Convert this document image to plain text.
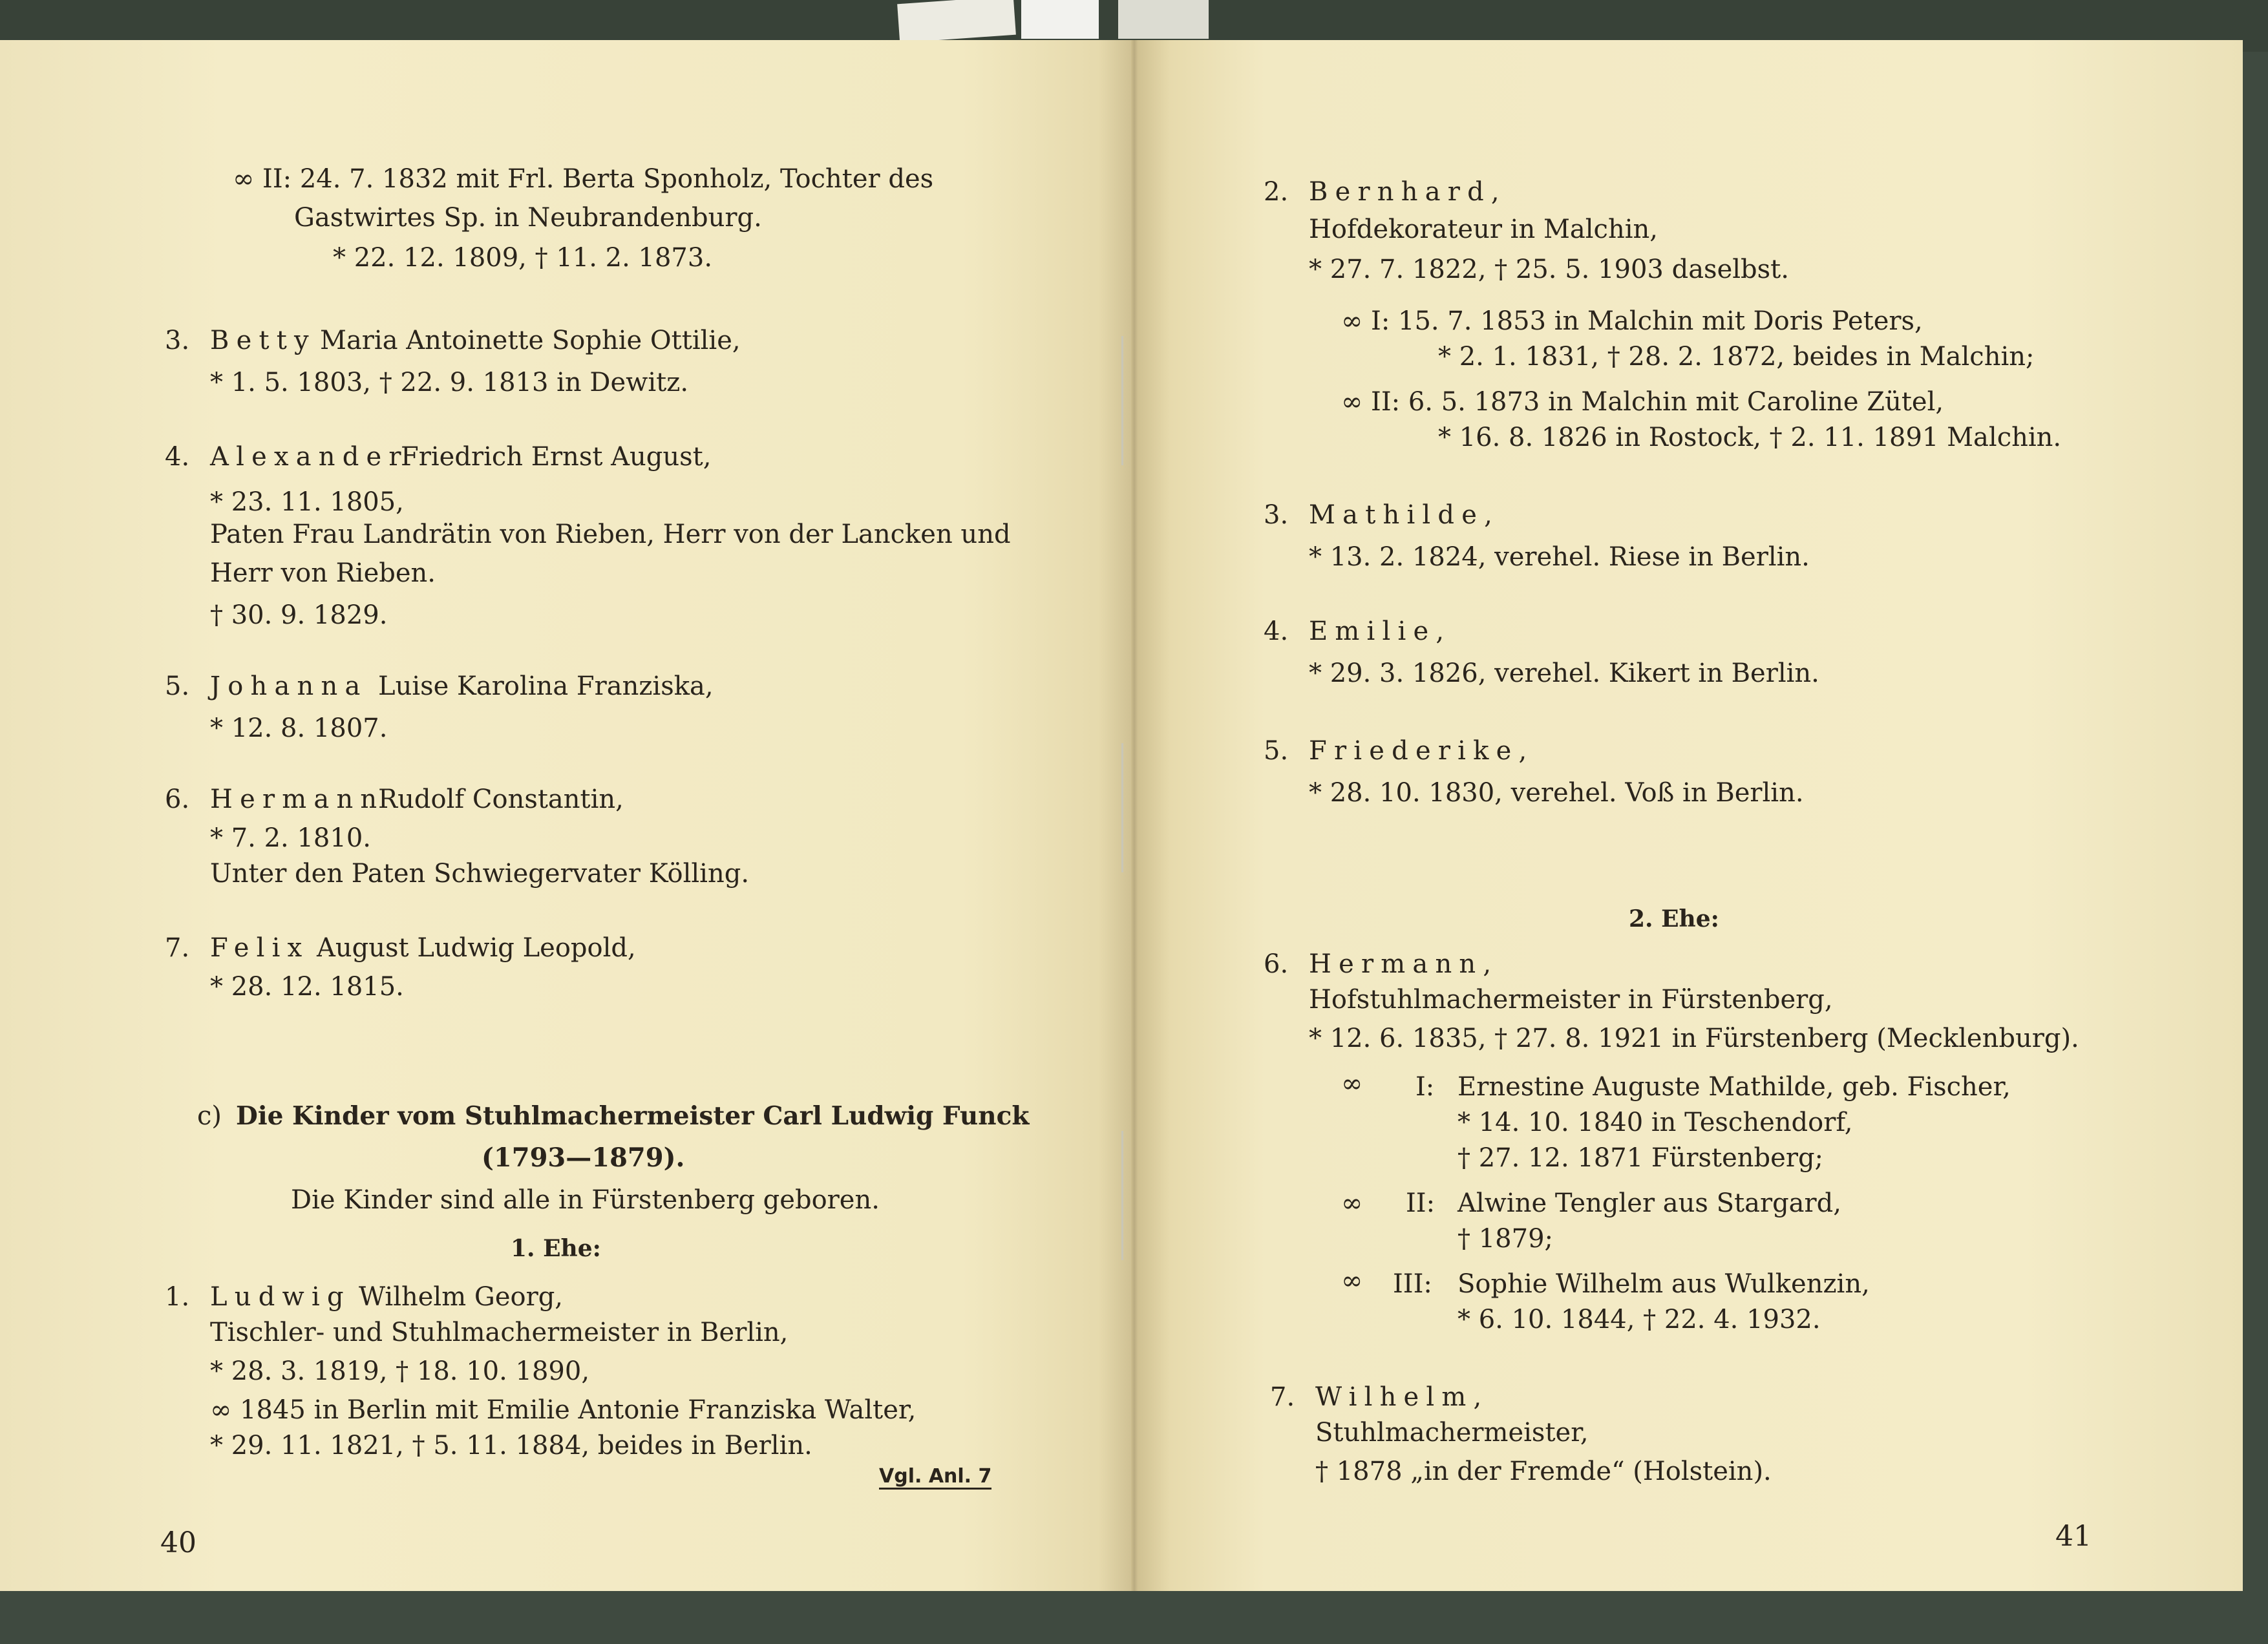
∞ II: 24. 7. 1832 mit Frl. Berta Sponholz, Tochter des
Gastwirtes Sp. in Neubrandenburg.
* 22. 12. 1809, † 11. 2. 1873.
3. Betty Maria Antoinette Sophie Ottilie,
* 1. 5. 1803, † 22. 9. 1813 in Dewitz.
4. Alexander
Friedrich Ernst August,
* 23. 11. 1805,
Paten Frau Landrätin von Rieben, Herr von der Lancken und
Herr von Rieben.
† 30. 9. 1829.
5. Johanna Luise Karolina Franziska,
* 12. 8. 1807.
6. Hermann
Rudolf Constantin,
* 7. 2. 1810.
Unter den Paten Schwiegervater Kölling.
7. Felix August Ludwig Leopold,
* 28. 12. 1815.
c) Die Kinder vom Stuhlmachermeister Carl Ludwig Funck
(1793—1879).
Die Kinder sind alle in Fürstenberg geboren.
1. Ehe:
1. Ludwig Wilhelm Georg,
Tischler- und Stuhlmachermeister in Berlin,
* 28. 3. 1819, † 18. 10. 1890,
∞ 1845 in Berlin mit Emilie Antonie Franziska Walter,
* 29. 11. 1821, † 5. 11. 1884, beides in Berlin.
Vgl. Anl. 7
40
2. Bernhard,
Hofdekorateur in Malchin,
* 27. 7. 1822, † 25. 5. 1903 daselbst.
∞ I: 15. 7. 1853 in Malchin mit Doris Peters,
* 2. 1. 1831, † 28. 2. 1872, beides in Malchin;
∞ II: 6. 5. 1873 in Malchin mit Caroline Zütel,
* 16. 8. 1826 in Rostock, † 2. 11. 1891 Malchin.
3. Mathilde,
* 13. 2. 1824, verehel. Riese in Berlin.
4. Emilie,
* 29. 3. 1826, verehel. Kikert in Berlin.
5. Friederike,
* 28. 10. 1830, verehel. Voß in Berlin.
2. Ehe:
6. Hermann,
Hofstuhlmachermeister in Fürstenberg,
* 12. 6. 1835, † 27. 8. 1921 in Fürstenberg (Mecklenburg).
∞ I: Ernestine Auguste Mathilde, geb. Fischer,
* 14. 10. 1840 in Teschendorf,
† 27. 12. 1871 Fürstenberg;
∞ II: Alwine Tengler aus Stargard,
† 1879;
∞ III: Sophie Wilhelm aus Wulkenzin,
* 6. 10. 1844, † 22. 4. 1932.
7. Wilhelm,
Stuhlmachermeister,
† 1878 „in der Fremde“ (Holstein).
41
